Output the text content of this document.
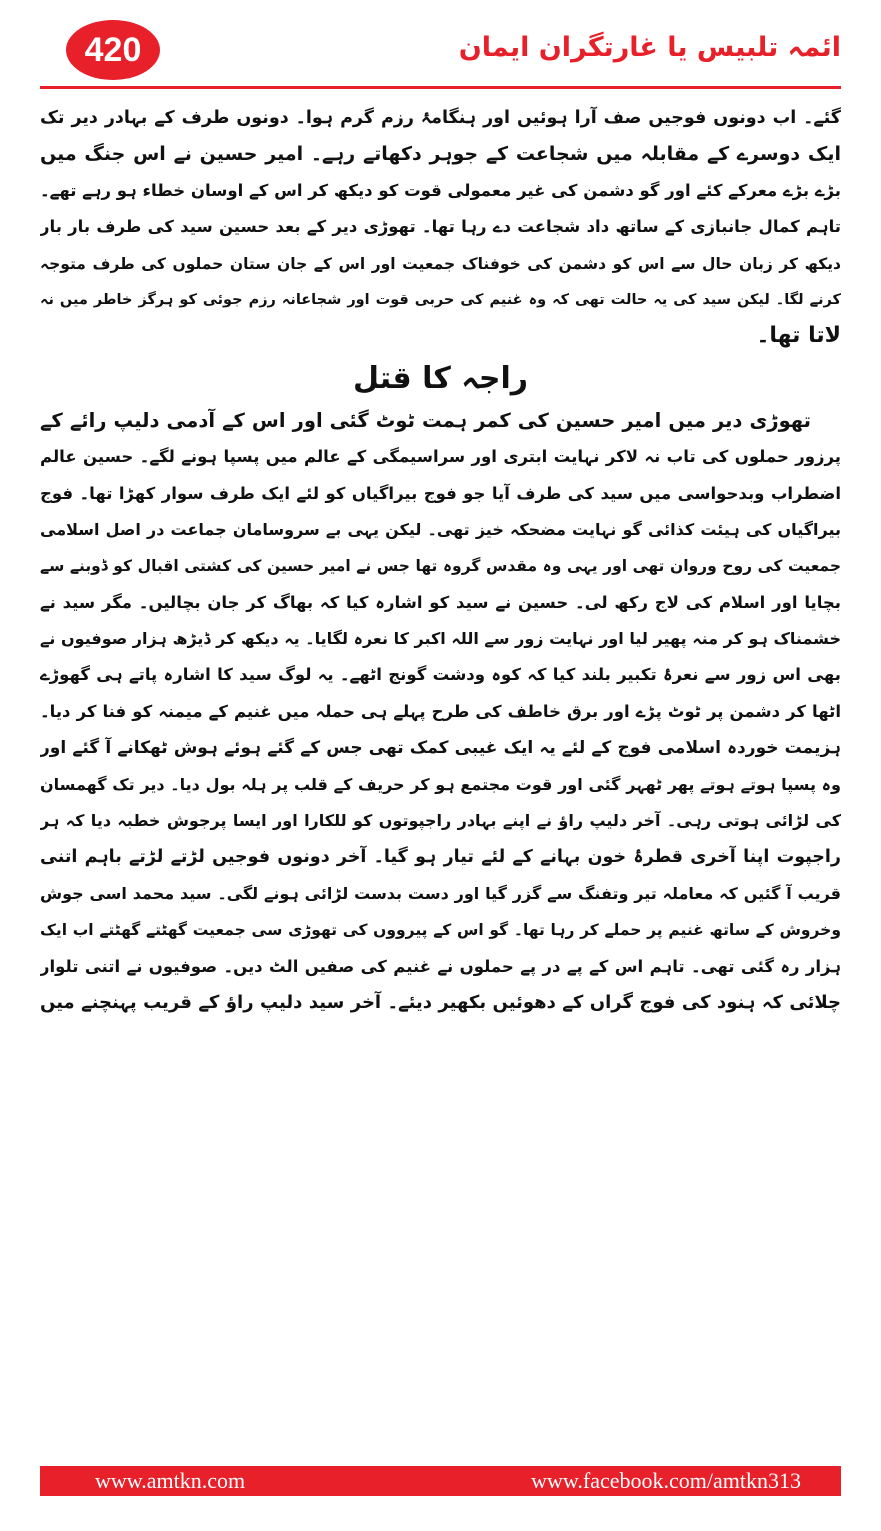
420	ائمہ تلبیس یا غارتگران ایمان
گئے۔ اب دونوں فوجیں صف آرا ہوئیں اور ہنگامۂ رزم گرم ہوا۔ دونوں طرف کے بہادر دیر تک
ایک دوسرے کے مقابلہ میں شجاعت کے جوہر دکھاتے رہے۔ امیر حسین نے اس جنگ میں
بڑے بڑے معرکے کئے اور گو دشمن کی غیر معمولی قوت کو دیکھ کر اس کے اوسان خطاء ہو رہے تھے۔
تاہم کمال جانبازی کے ساتھ داد شجاعت دے رہا تھا۔ تھوڑی دیر کے بعد حسین سید کی طرف بار بار
دیکھ کر زبان حال سے اس کو دشمن کی خوفناک جمعیت اور اس کے جان ستان حملوں کی طرف متوجہ
کرنے لگا۔ لیکن سید کی یہ حالت تھی کہ وہ غنیم کی حربی قوت اور شجاعانہ رزم جوئی کو ہرگز خاطر میں نہ
لاتا تھا۔
راجہ کا قتل
تھوڑی دیر میں امیر حسین کی کمر ہمت ٹوٹ گئی اور اس کے آدمی دلیپ رائے کے
پرزور حملوں کی تاب نہ لاکر نہایت ابتری اور سراسیمگی کے عالم میں پسپا ہونے لگے۔ حسین عالم
اضطراب وبدحواسی میں سید کی طرف آیا جو فوج بیراگیاں کو لئے ایک طرف سوار کھڑا تھا۔ فوج
بیراگیاں کی ہیئت کذائی گو نہایت مضحکہ خیز تھی۔ لیکن یہی بے سروسامان جماعت در اصل اسلامی
جمعیت کی روح وروان تھی اور یہی وہ مقدس گروہ تھا جس نے امیر حسین کی کشتی اقبال کو ڈوبنے سے
بچایا اور اسلام کی لاج رکھ لی۔ حسین نے سید کو اشارہ کیا کہ بھاگ کر جان بچالیں۔ مگر سید نے
خشمناک ہو کر منہ پھیر لیا اور نہایت زور سے اللہ اکبر کا نعرہ لگایا۔ یہ دیکھ کر ڈیڑھ ہزار صوفیوں نے
بھی اس زور سے نعرۂ تکبیر بلند کیا کہ کوہ ودشت گونج اٹھے۔ یہ لوگ سید کا اشارہ پاتے ہی گھوڑے
اٹھا کر دشمن پر ٹوٹ پڑے اور برق خاطف کی طرح پہلے ہی حملہ میں غنیم کے میمنہ کو فنا کر دیا۔
ہزیمت خوردہ اسلامی فوج کے لئے یہ ایک غیبی کمک تھی جس کے گئے ہوئے ہوش ٹھکانے آ گئے اور
وہ پسپا ہوتے ہوتے پھر ٹھہر گئی اور قوت مجتمع ہو کر حریف کے قلب پر ہلہ بول دیا۔ دیر تک گھمسان
کی لڑائی ہوتی رہی۔ آخر دلیپ راؤ نے اپنے بہادر راجپوتوں کو للکارا اور ایسا پرجوش خطبہ دیا کہ ہر
راجپوت اپنا آخری قطرۂ خون بہانے کے لئے تیار ہو گیا۔ آخر دونوں فوجیں لڑتے لڑتے باہم اتنی
قریب آ گئیں کہ معاملہ تیر وتفنگ سے گزر گیا اور دست بدست لڑائی ہونے لگی۔ سید محمد اسی جوش
وخروش کے ساتھ غنیم پر حملے کر رہا تھا۔ گو اس کے پیرووں کی تھوڑی سی جمعیت گھٹتے گھٹتے اب ایک
ہزار رہ گئی تھی۔ تاہم اس کے پے در پے حملوں نے غنیم کی صفیں الٹ دیں۔ صوفیوں نے اتنی تلوار
چلائی کہ ہنود کی فوج گراں کے دھوئیں بکھیر دیئے۔ آخر سید دلیپ راؤ کے قریب پہنچنے میں
www.amtkn.com	www.facebook.com/amtkn313
